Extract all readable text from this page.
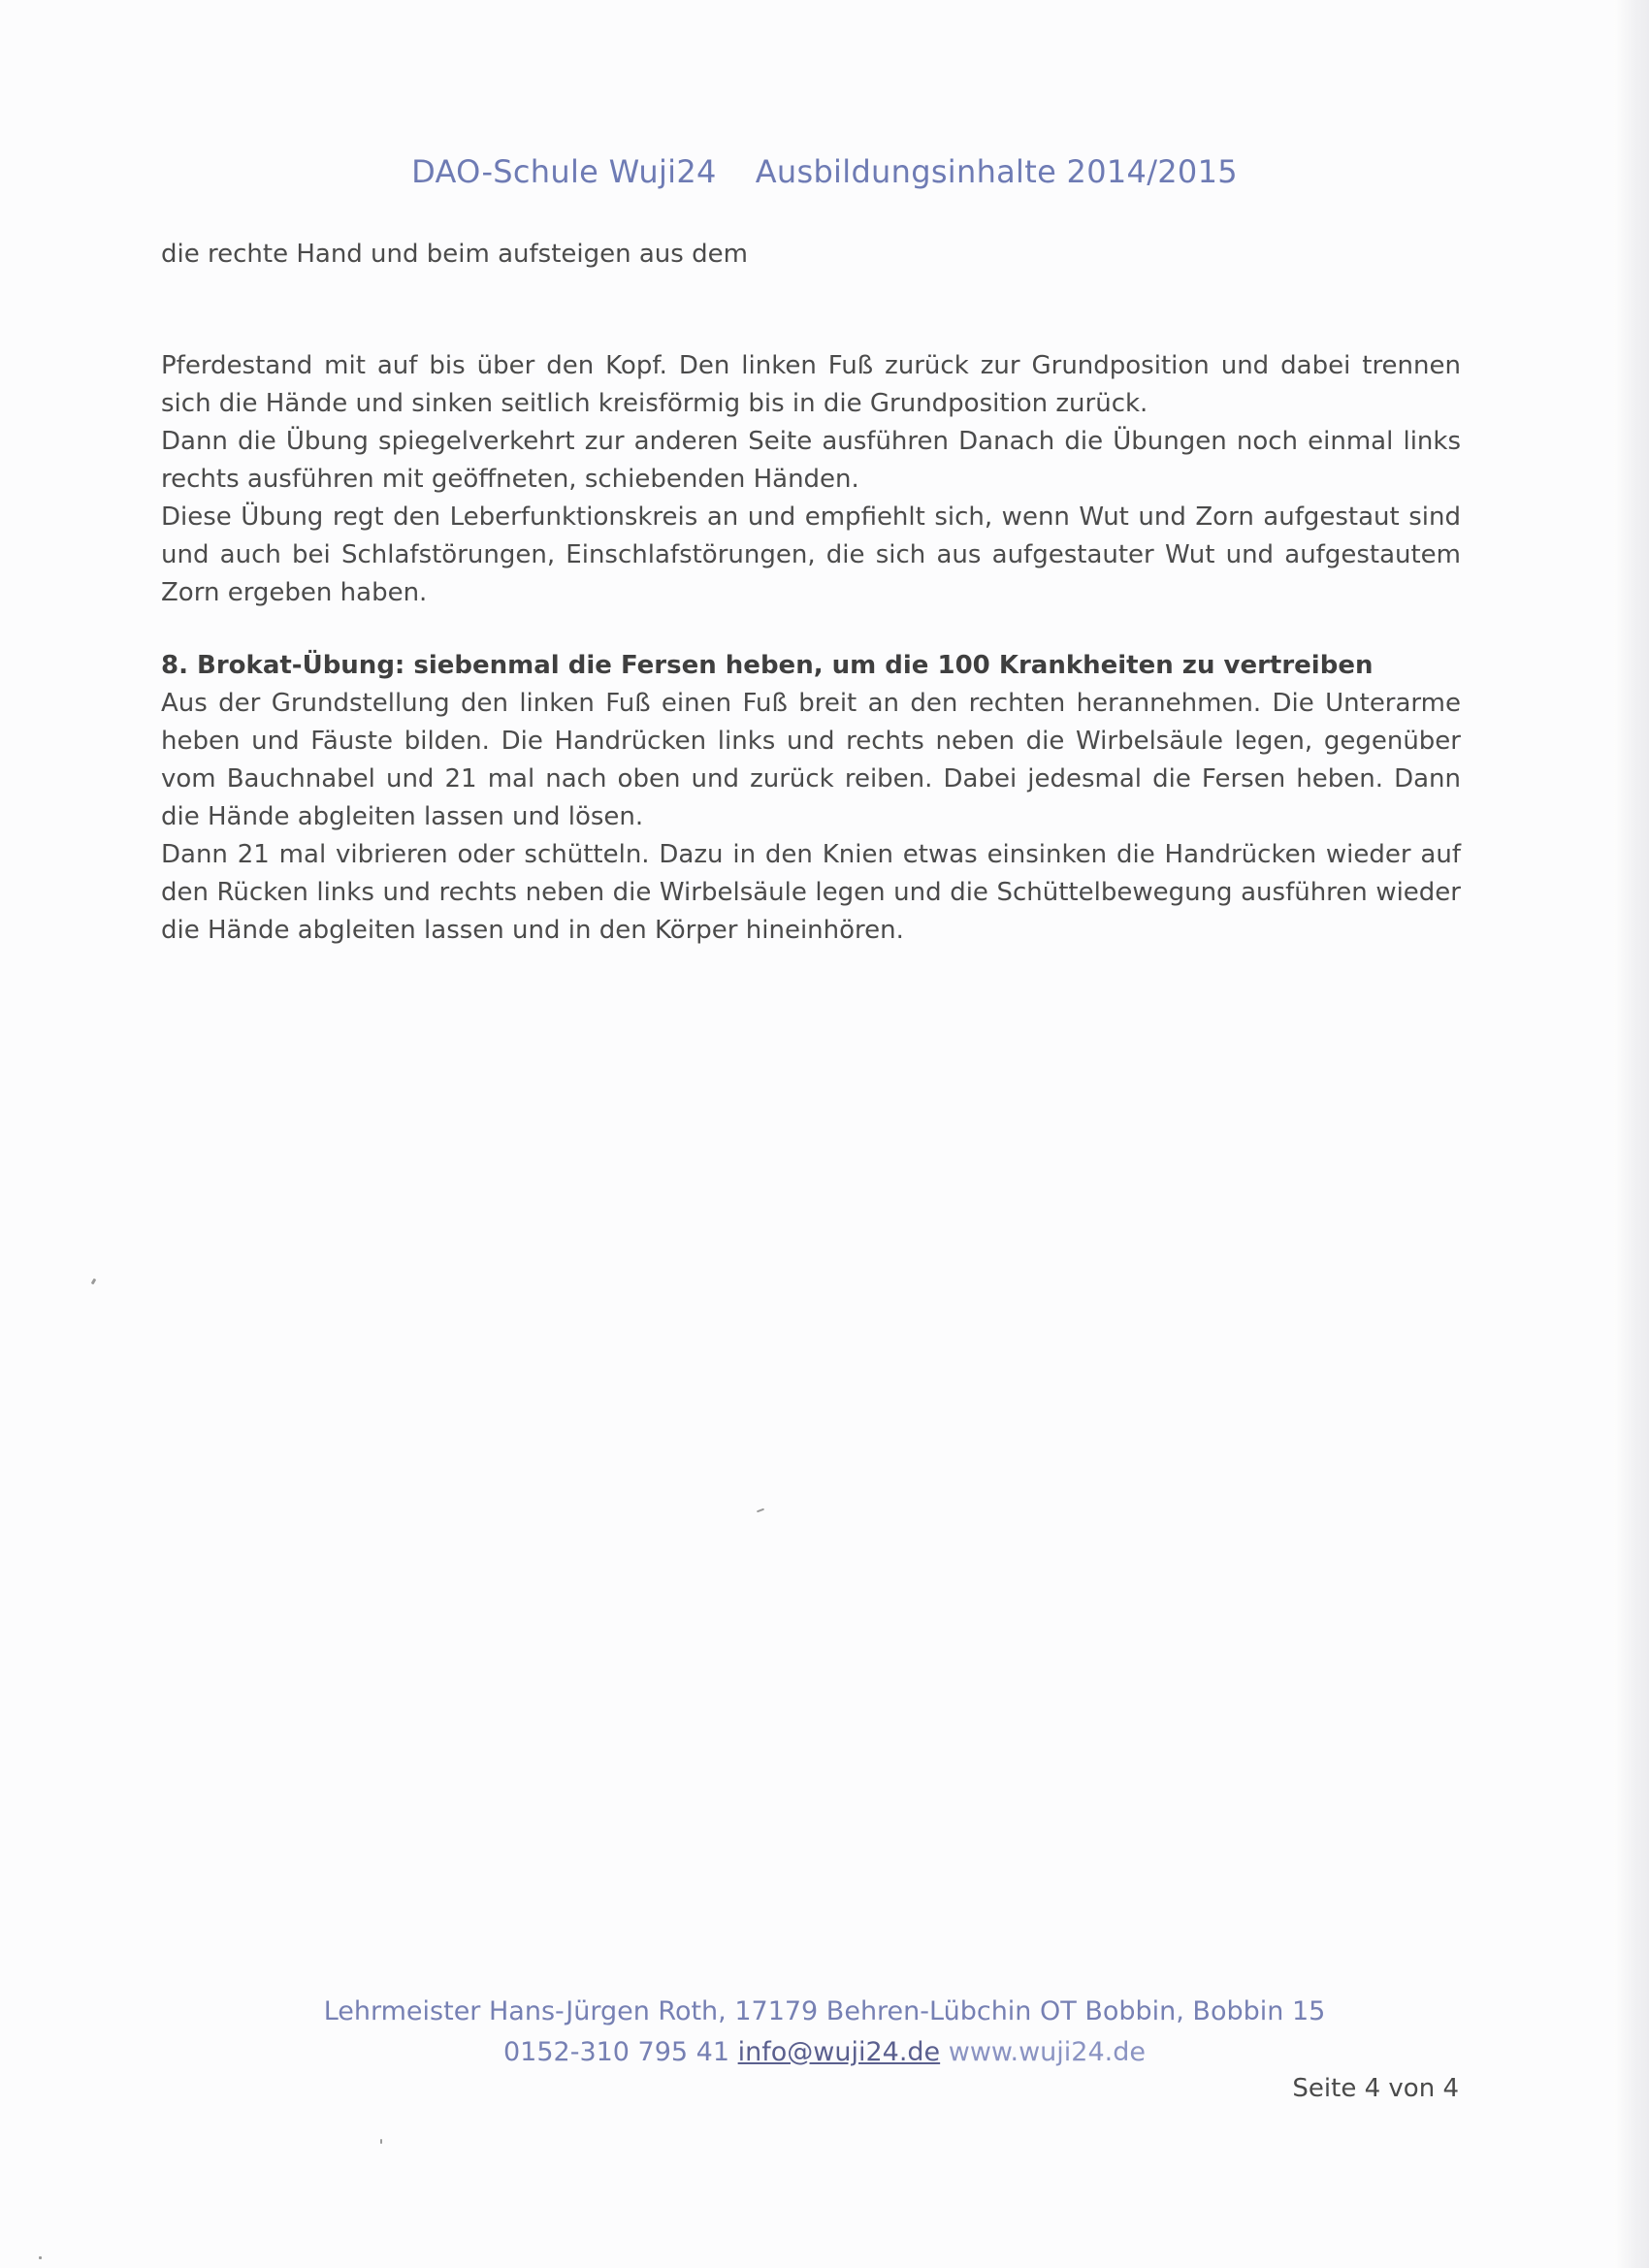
DAO-Schule Wuji24 Ausbildungsinhalte 2014/2015

die rechte Hand und beim aufsteigen aus dem

Pferdestand mit auf bis über den Kopf. Den linken Fuß zurück zur Grundposition und dabei trennen sich die Hände und sinken seitlich kreisförmig bis in die Grundposition zurück.

Dann die Übung spiegelverkehrt zur anderen Seite ausführen Danach die Übungen noch einmal links rechts ausführen mit geöffneten, schiebenden Händen.

Diese Übung regt den Leberfunktionskreis an und empfiehlt sich, wenn Wut und Zorn aufgestaut sind und auch bei Schlafstörungen, Einschlafstörungen, die sich aus aufgestauter Wut und aufgestautem Zorn ergeben haben.

8. Brokat-Übung: siebenmal die Fersen heben, um die 100 Krankheiten zu vertreiben

Aus der Grundstellung den linken Fuß einen Fuß breit an den rechten herannehmen. Die Unterarme heben und Fäuste bilden. Die Handrücken links und rechts neben die Wirbelsäule legen, gegenüber vom Bauchnabel und 21 mal nach oben und zurück reiben. Dabei jedesmal die Fersen heben. Dann die Hände abgleiten lassen und lösen.

Dann 21 mal vibrieren oder schütteln. Dazu in den Knien etwas einsinken die Handrücken wieder auf den Rücken links und rechts neben die Wirbelsäule legen und die Schüttelbewegung ausführen wieder die Hände abgleiten lassen und in den Körper hineinhören.

Lehrmeister Hans-Jürgen Roth, 17179 Behren-Lübchin OT Bobbin, Bobbin 15
0152-310 795 41 info@wuji24.de www.wuji24.de
Seite 4 von 4
